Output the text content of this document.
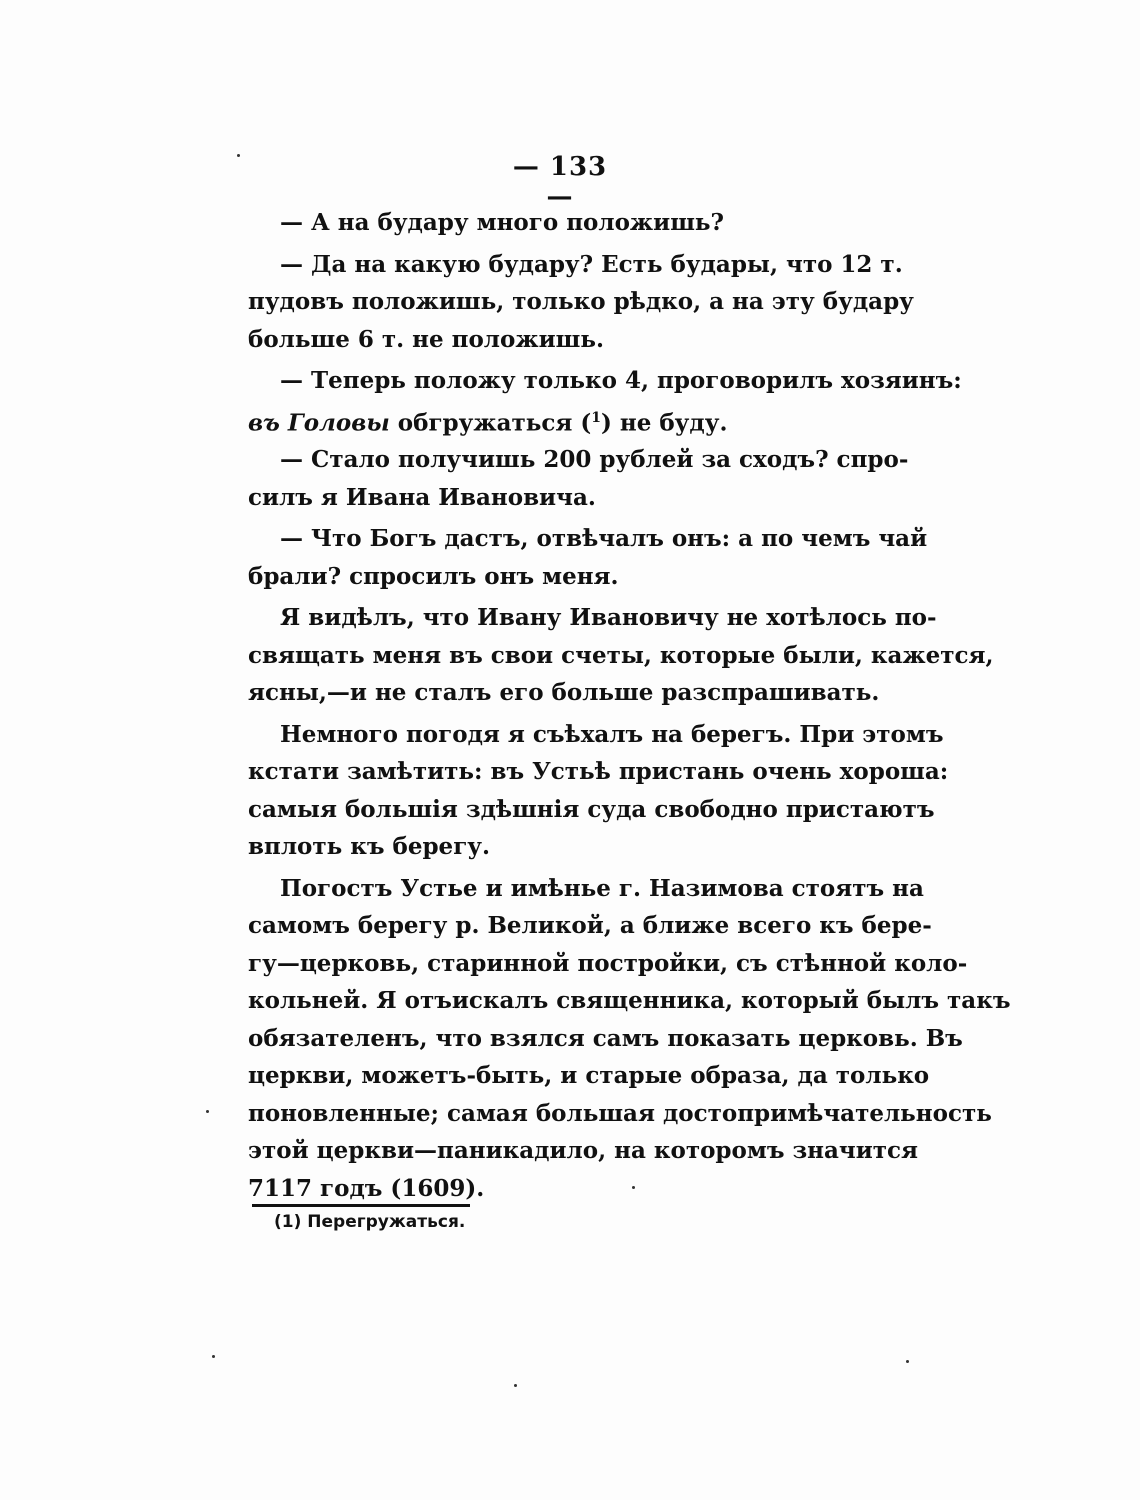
— 133 —
— А на будару много положишь?
— Да на какую будару? Есть будары, что 12 т.
пудовъ положишь, только рѣдко, а на эту будару
больше 6 т. не положишь.
— Теперь положу только 4, проговорилъ хозяинъ:
въ Головы обгружаться ($^1$) не буду.
— Стало получишь 200 рублей за сходъ? спро-
силъ я Ивана Ивановича.
— Что Богъ дастъ, отвѣчалъ онъ: а по чемъ чай
брали? спросилъ онъ меня.
Я видѣлъ, что Ивану Ивановичу не хотѣлось по-
свящать меня въ свои счеты, которые были, кажется,
ясны,—и не сталъ его больше разспрашивать.
Немного погодя я съѣхалъ на берегъ. При этомъ
кстати замѣтить: въ Устьѣ пристань очень хороша:
самыя большiя здѣшнія суда свободно пристаютъ
вплоть къ берегу.
Погостъ Устье и имѣнье г. Назимова стоятъ на
самомъ берегу р. Великой, а ближе всего къ бере-
гу—церковь, старинной постройки, съ стѣнной коло-
кольней. Я отъискалъ священника, который былъ такъ
обязателенъ, что взялся самъ показать церковь. Въ
церкви, можетъ-быть, и старые образа, да только
поновленные; самая большая достопримѣчательность
этой церкви—паникадило, на которомъ значится
7117 годъ (1609).
(1) Перегружаться.
